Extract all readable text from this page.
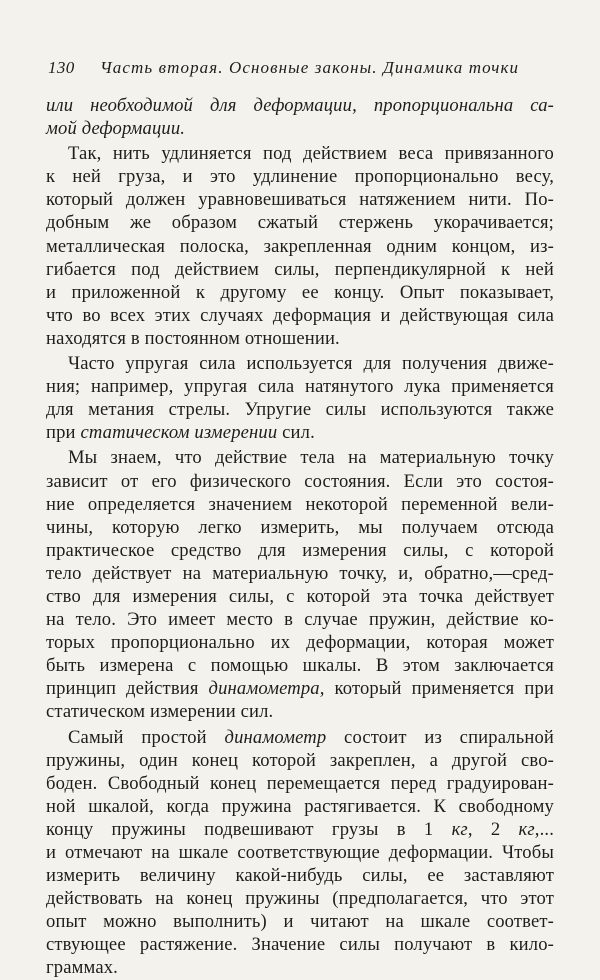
130 Часть вторая. Основные законы. Динамика точки
или необходимой для деформации, пропорциональна са-
мой деформации.
Так, нить удлиняется под действием веса привязанного
к ней груза, и это удлинение пропорционально весу,
который должен уравновешиваться натяжением нити. По-
добным же образом сжатый стержень укорачивается;
металлическая полоска, закрепленная одним концом, из-
гибается под действием силы, перпендикулярной к ней
и приложенной к другому ее концу. Опыт показывает,
что во всех этих случаях деформация и действующая сила
находятся в постоянном отношении.
Часто упругая сила используется для получения движе-
ния; например, упругая сила натянутого лука применяется
для метания стрелы. Упругие силы используются также
при статическом измерении сил.
Мы знаем, что действие тела на материальную точку
зависит от его физического состояния. Если это состоя-
ние определяется значением некоторой переменной вели-
чины, которую легко измерить, мы получаем отсюда
практическое средство для измерения силы, с которой
тело действует на материальную точку, и, обратно,—сред-
ство для измерения силы, с которой эта точка действует
на тело. Это имеет место в случае пружин, действие ко-
торых пропорционально их деформации, которая может
быть измерена с помощью шкалы. В этом заключается
принцип действия динамометра, который применяется при
статическом измерении сил.
Самый простой динамометр состоит из спиральной
пружины, один конец которой закреплен, а другой сво-
боден. Свободный конец перемещается перед градуирован-
ной шкалой, когда пружина растягивается. К свободному
концу пружины подвешивают грузы в 1 кг, 2 кг,...
и отмечают на шкале соответствующие деформации. Чтобы
измерить величину какой-нибудь силы, ее заставляют
действовать на конец пружины (предполагается, что этот
опыт можно выполнить) и читают на шкале соответ-
ствующее растяжение. Значение силы получают в кило-
граммах.
